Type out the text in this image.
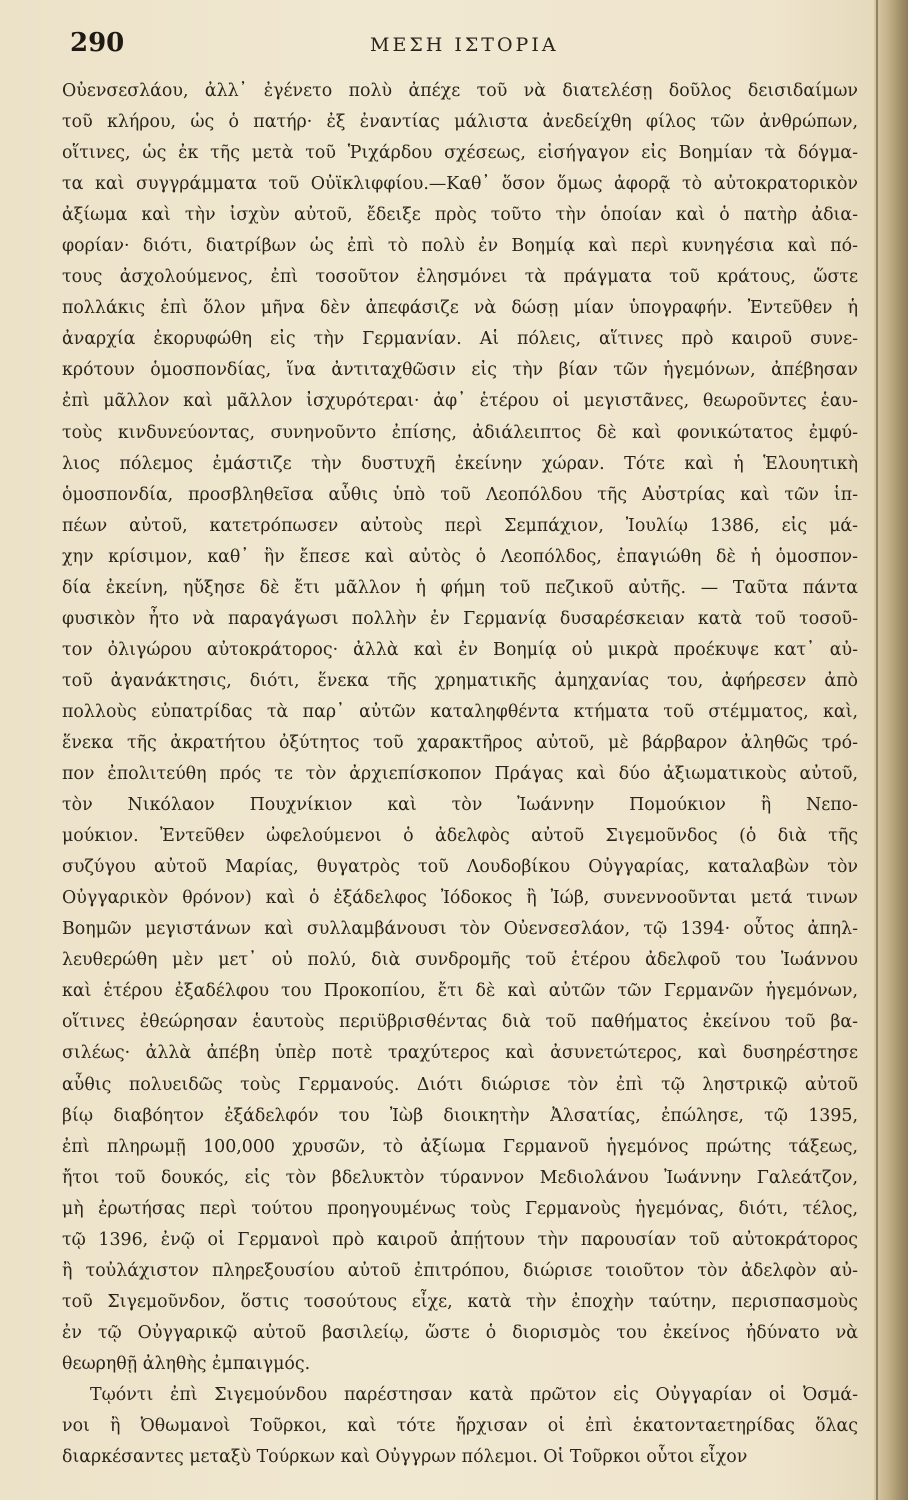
290	ΜΕΣΗ ΙΣΤΟΡΙΑ
Οὐενσεσλάου, ἀλλ᾽ ἐγένετο πολὺ ἀπέχε τοῦ νὰ διατελέσῃ δοῦλος δεισιδαίμων
τοῦ κλήρου, ὡς ὁ πατήρ· ἐξ ἐναντίας μάλιστα ἀνεδείχθη φίλος τῶν ἀνθρώπων,
οἵτινες, ὡς ἐκ τῆς μετὰ τοῦ Ῥιχάρδου σχέσεως, εἰσήγαγον εἰς Βοημίαν τὰ δόγμα-
τα καὶ συγγράμματα τοῦ Οὐϊκλιφφίου.—Καθ᾽ ὅσον ὅμως ἀφορᾷ τὸ αὐτοκρατορικὸν
ἀξίωμα καὶ τὴν ἰσχὺν αὐτοῦ, ἔδειξε πρὸς τοῦτο τὴν ὁποίαν καὶ ὁ πατὴρ ἀδια-
φορίαν· διότι, διατρίβων ὡς ἐπὶ τὸ πολὺ ἐν Βοημίᾳ καὶ περὶ κυνηγέσια καὶ πό-
τους ἀσχολούμενος, ἐπὶ τοσοῦτον ἐλησμόνει τὰ πράγματα τοῦ κράτους, ὥστε
πολλάκις ἐπὶ ὅλον μῆνα δὲν ἀπεφάσιζε νὰ δώσῃ μίαν ὑπογραφήν. Ἐντεῦθεν ἡ
ἀναρχία ἐκορυφώθη εἰς τὴν Γερμανίαν. Αἱ πόλεις, αἵτινες πρὸ καιροῦ συνε-
κρότουν ὁμοσπονδίας, ἵνα ἀντιταχθῶσιν εἰς τὴν βίαν τῶν ἡγεμόνων, ἀπέβησαν
ἐπὶ μᾶλλον καὶ μᾶλλον ἰσχυρότεραι· ἀφ᾽ ἑτέρου οἱ μεγιστᾶνες, θεωροῦντες ἑαυ-
τοὺς κινδυνεύοντας, συνηνοῦντο ἐπίσης, ἀδιάλειπτος δὲ καὶ φονικώτατος ἐμφύ-
λιος πόλεμος ἐμάστιζε τὴν δυστυχῆ ἐκείνην χώραν. Τότε καὶ ἡ Ἑλουητικὴ
ὁμοσπονδία, προσβληθεῖσα αὖθις ὑπὸ τοῦ Λεοπόλδου τῆς Αὐστρίας καὶ τῶν ἱπ-
πέων αὐτοῦ, κατετρόπωσεν αὐτοὺς περὶ Σεμπάχιον, Ἰουλίῳ 1386, εἰς μά-
χην κρίσιμον, καθ᾽ ἣν ἔπεσε καὶ αὐτὸς ὁ Λεοπόλδος, ἐπαγιώθη δὲ ἡ ὁμοσπον-
δία ἐκείνη, ηὔξησε δὲ ἔτι μᾶλλον ἡ φήμη τοῦ πεζικοῦ αὐτῆς. — Ταῦτα πάντα
φυσικὸν ἦτο νὰ παραγάγωσι πολλὴν ἐν Γερμανίᾳ δυσαρέσκειαν κατὰ τοῦ τοσοῦ-
τον ὀλιγώρου αὐτοκράτορος· ἀλλὰ καὶ ἐν Βοημίᾳ οὐ μικρὰ προέκυψε κατ᾽ αὐ-
τοῦ ἀγανάκτησις, διότι, ἕνεκα τῆς χρηματικῆς ἀμηχανίας του, ἀφήρεσεν ἀπὸ
πολλοὺς εὐπατρίδας τὰ παρ᾽ αὐτῶν καταληφθέντα κτήματα τοῦ στέμματος, καὶ,
ἕνεκα τῆς ἀκρατήτου ὀξύτητος τοῦ χαρακτῆρος αὐτοῦ, μὲ βάρβαρον ἀληθῶς τρό-
πον ἐπολιτεύθη πρός τε τὸν ἀρχιεπίσκοπον Πράγας καὶ δύο ἀξιωματικοὺς αὐτοῦ,
τὸν Νικόλαον Πουχνίκιον καὶ τὸν Ἰωάννην Πομούκιον ἢ Νεπο-
μούκιον. Ἐντεῦθεν ὠφελούμενοι ὁ ἀδελφὸς αὐτοῦ Σιγεμοῦνδος (ὁ διὰ τῆς
συζύγου αὐτοῦ Μαρίας, θυγατρὸς τοῦ Λουδοβίκου Οὐγγαρίας, καταλαβὼν τὸν
Οὐγγαρικὸν θρόνον) καὶ ὁ ἐξάδελφος Ἰόδοκος ἢ Ἰώβ, συνεννοοῦνται μετά τινων
Βοημῶν μεγιστάνων καὶ συλλαμβάνουσι τὸν Οὐενσεσλάον, τῷ 1394· οὗτος ἀπηλ-
λευθερώθη μὲν μετ᾽ οὐ πολύ, διὰ συνδρομῆς τοῦ ἑτέρου ἀδελφοῦ του Ἰωάννου
καὶ ἑτέρου ἐξαδέλφου του Προκοπίου, ἔτι δὲ καὶ αὐτῶν τῶν Γερμανῶν ἡγεμόνων,
οἵτινες ἐθεώρησαν ἑαυτοὺς περιϋβρισθέντας διὰ τοῦ παθήματος ἐκείνου τοῦ βα-
σιλέως· ἀλλὰ ἀπέβη ὑπὲρ ποτὲ τραχύτερος καὶ ἀσυνετώτερος, καὶ δυσηρέστησε
αὖθις πολυειδῶς τοὺς Γερμανούς. Διότι διώρισε τὸν ἐπὶ τῷ ληστρικῷ αὐτοῦ
βίῳ διαβόητον ἐξάδελφόν του Ἰὼβ διοικητὴν Ἀλσατίας, ἐπώλησε, τῷ 1395,
ἐπὶ πληρωμῇ 100,000 χρυσῶν, τὸ ἀξίωμα Γερμανοῦ ἡγεμόνος πρώτης τάξεως,
ἤτοι τοῦ δουκός, εἰς τὸν βδελυκτὸν τύραννον Μεδιολάνου Ἰωάννην Γαλεάτζον,
μὴ ἐρωτήσας περὶ τούτου προηγουμένως τοὺς Γερμανοὺς ἡγεμόνας, διότι, τέλος,
τῷ 1396, ἐνῷ οἱ Γερμανοὶ πρὸ καιροῦ ἀπῄτουν τὴν παρουσίαν τοῦ αὐτοκράτορος
ἢ τοὐλάχιστον πληρεξουσίου αὐτοῦ ἐπιτρόπου, διώρισε τοιοῦτον τὸν ἀδελφὸν αὐ-
τοῦ Σιγεμοῦνδον, ὅστις τοσούτους εἶχε, κατὰ τὴν ἐποχὴν ταύτην, περισπασμοὺς
ἐν τῷ Οὐγγαρικῷ αὐτοῦ βασιλείῳ, ὥστε ὁ διορισμὸς του ἐκείνος ἠδύνατο νὰ
θεωρηθῇ ἀληθὴς ἐμπαιγμός.
Τῳόντι ἐπὶ Σιγεμούνδου παρέστησαν κατὰ πρῶτον εἰς Οὐγγαρίαν οἱ Ὀσμά-
νοι ἢ Ὀθωμανοὶ Τοῦρκοι, καὶ τότε ἤρχισαν οἱ ἐπὶ ἑκατονταετηρίδας ὅλας
διαρκέσαντες μεταξὺ Τούρκων καὶ Οὐγγρων πόλεμοι. Οἱ Τοῦρκοι οὗτοι εἶχον
